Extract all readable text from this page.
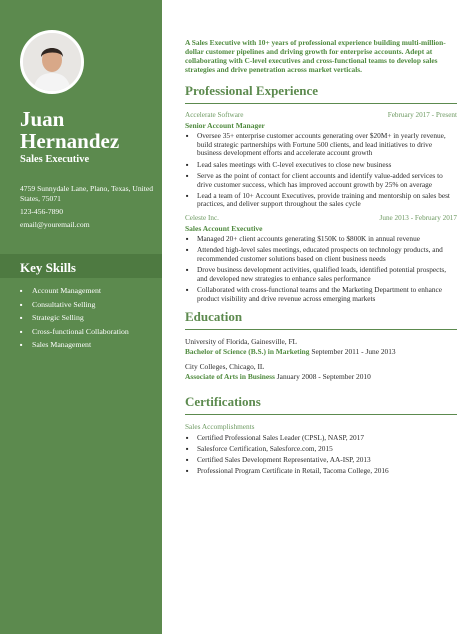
Juan
Hernandez
Sales Executive
4759 Sunnydale Lane, Plano, Texas, United States, 75071
123-456-7890
email@youremail.com
Key Skills
■ Account Management
■ Consultative Selling
■ Strategic Selling
■ Cross-functional Collaboration
■ Sales Management
A Sales Executive with 10+ years of professional experience building multi-million-dollar customer pipelines and driving growth for enterprise accounts. Adept at collaborating with C-level executives and cross-functional teams to develop sales strategies and drive penetration across market verticals.
Professional Experience
Accelerate Software	February 2017 - Present
Senior Account Manager
■ Oversee 35+ enterprise customer accounts generating over $20M+ in yearly revenue, build strategic partnerships with Fortune 500 clients, and lead initiatives to drive business development efforts and accelerate account growth
■ Lead sales meetings with C-level executives to close new business
■ Serve as the point of contact for client accounts and identify value-added services to drive customer success, which has improved account growth by 25% on average
■ Lead a team of 10+ Account Executives, provide training and mentorship on sales best practices, and deliver support throughout the sales cycle
Celeste Inc.	June 2013 - February 2017
Sales Account Executive
■ Managed 20+ client accounts generating $150K to $800K in annual revenue
■ Attended high-level sales meetings, educated prospects on technology products, and recommended customer solutions based on client business needs
■ Drove business development activities, qualified leads, identified potential prospects, and developed new strategies to enhance sales performance
■ Collaborated with cross-functional teams and the Marketing Department to enhance product visibility and drive revenue across emerging markets
Education
University of Florida, Gainesville, FL
Bachelor of Science (B.S.) in Marketing September 2011 - June 2013
City Colleges, Chicago, IL
Associate of Arts in Business January 2008 - September 2010
Certifications
Sales Accomplishments
■ Certified Professional Sales Leader (CPSL), NASP, 2017
■ Salesforce Certification, Salesforce.com, 2015
■ Certified Sales Development Representative, AA-ISP, 2013
■ Professional Program Certificate in Retail, Tacoma College, 2016
